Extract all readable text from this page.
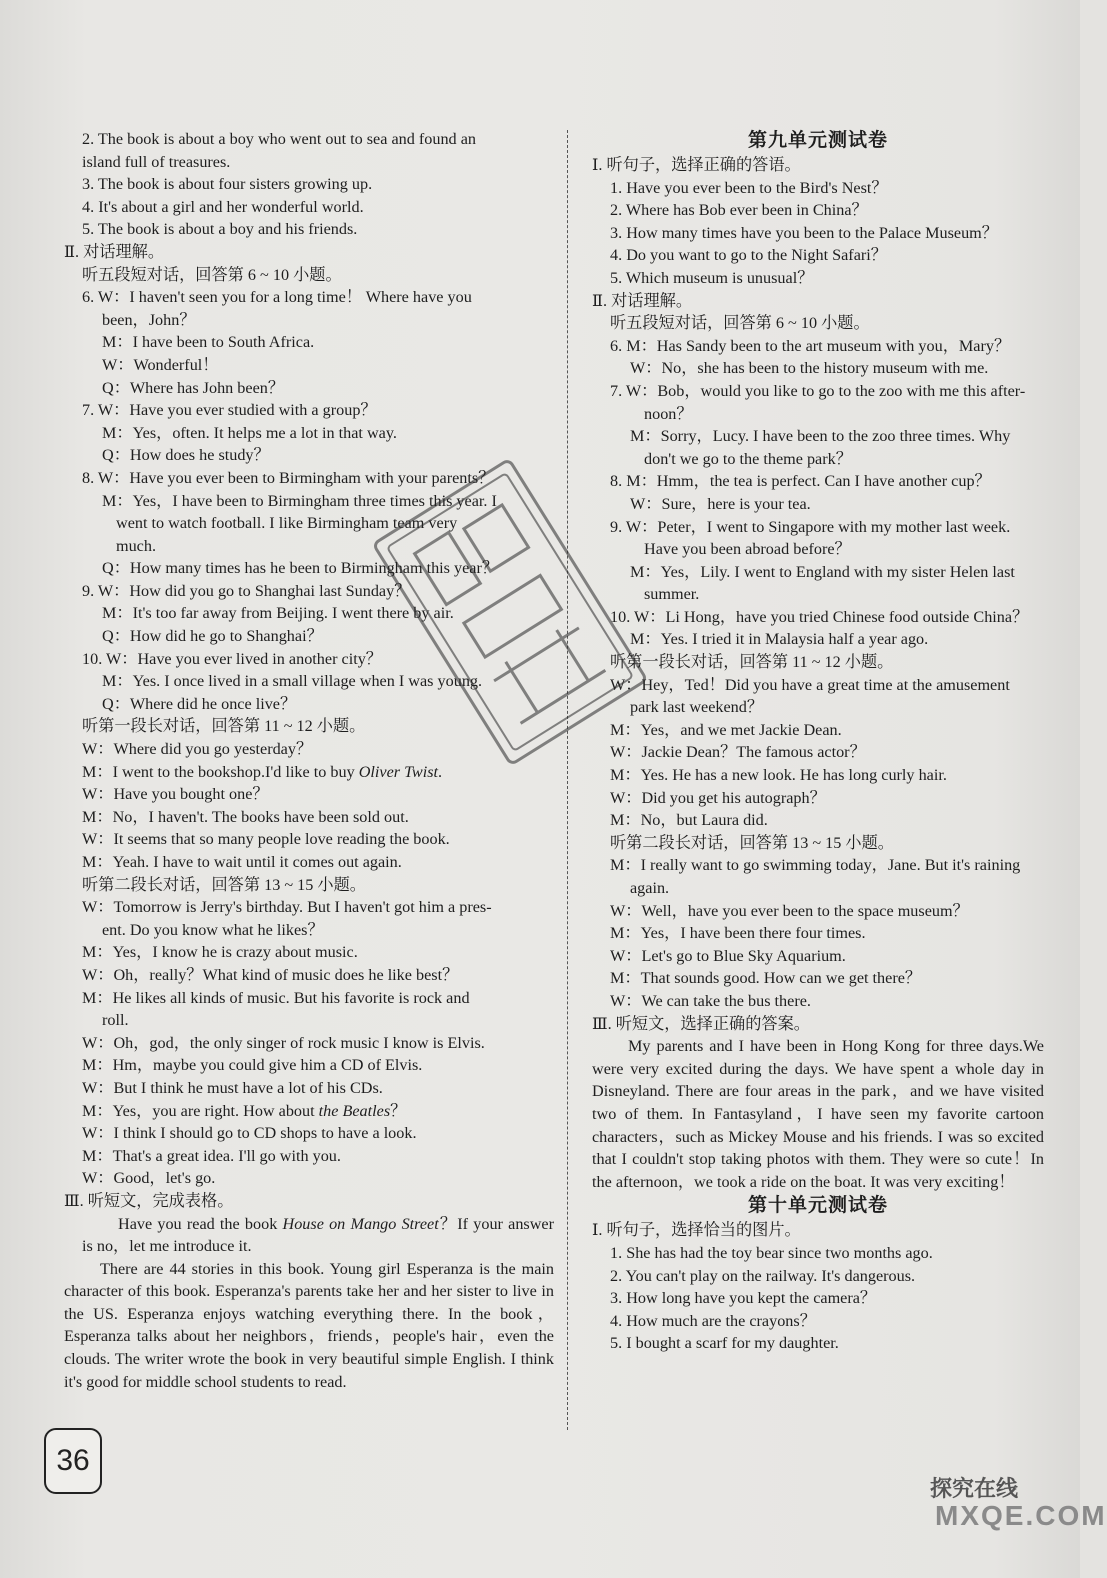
2. The book is about a boy who went out to sea and found an
island full of treasures.
3. The book is about four sisters growing up.
4. It's about a girl and her wonderful world.
5. The book is about a boy and his friends.
Ⅱ. 对话理解。
听五段短对话，回答第 6 ~ 10 小题。
6. W：I haven't seen you for a long time！ Where have you
been，John？
M：I have been to South Africa.
W：Wonderful！
Q：Where has John been？
7. W：Have you ever studied with a group？
M：Yes，often. It helps me a lot in that way.
Q：How does he study？
8. W：Have you ever been to Birmingham with your parents？
M：Yes，I have been to Birmingham three times this year. I
went to watch football. I like Birmingham team very
much.
Q：How many times has he been to Birmingham this year？
9. W：How did you go to Shanghai last Sunday？
M：It's too far away from Beijing. I went there by air.
Q：How did he go to Shanghai？
10. W：Have you ever lived in another city？
M：Yes. I once lived in a small village when I was young.
Q：Where did he once live？
听第一段长对话，回答第 11 ~ 12 小题。
W：Where did you go yesterday？
M：I went to the bookshop.I'd like to buy Oliver Twist.
W：Have you bought one？
M：No，I haven't. The books have been sold out.
W：It seems that so many people love reading the book.
M：Yeah. I have to wait until it comes out again.
听第二段长对话，回答第 13 ~ 15 小题。
W：Tomorrow is Jerry's birthday. But I haven't got him a pres-
ent. Do you know what he likes？
M：Yes，I know he is crazy about music.
W：Oh，really？What kind of music does he like best？
M：He likes all kinds of music. But his favorite is rock and
roll.
W：Oh，god，the only singer of rock music I know is Elvis.
M：Hm，maybe you could give him a CD of Elvis.
W：But I think he must have a lot of his CDs.
M：Yes，you are right. How about the Beatles？
W：I think I should go to CD shops to have a look.
M：That's a great idea. I'll go with you.
W：Good，let's go.
Ⅲ. 听短文，完成表格。
Have you read the book House on Mango Street？If your answer is no，let me introduce it.
There are 44 stories in this book. Young girl Esperanza is the main character of this book. Esperanza's parents take her and her sister to live in the US. Esperanza enjoys watching everything there. In the book，Esperanza talks about her neighbors，friends，people's hair，even the clouds. The writer wrote the book in very beautiful simple English. I think it's good for middle school students to read.
第九单元测试卷
Ⅰ. 听句子，选择正确的答语。
1. Have you ever been to the Bird's Nest？
2. Where has Bob ever been in China？
3. How many times have you been to the Palace Museum？
4. Do you want to go to the Night Safari？
5. Which museum is unusual？
Ⅱ. 对话理解。
听五段短对话，回答第 6 ~ 10 小题。
6. M：Has Sandy been to the art museum with you，Mary？
W：No，she has been to the history museum with me.
7. W：Bob，would you like to go to the zoo with me this after-
noon？
M：Sorry，Lucy. I have been to the zoo three times. Why
don't we go to the theme park？
8. M：Hmm，the tea is perfect. Can I have another cup？
W：Sure，here is your tea.
9. W：Peter，I went to Singapore with my mother last week.
Have you been abroad before？
M：Yes，Lily. I went to England with my sister Helen last
summer.
10. W：Li Hong，have you tried Chinese food outside China？
M：Yes. I tried it in Malaysia half a year ago.
听第一段长对话，回答第 11 ~ 12 小题。
W：Hey，Ted！Did you have a great time at the amusement
park last weekend？
M：Yes，and we met Jackie Dean.
W：Jackie Dean？The famous actor？
M：Yes. He has a new look. He has long curly hair.
W：Did you get his autograph？
M：No，but Laura did.
听第二段长对话，回答第 13 ~ 15 小题。
M：I really want to go swimming today，Jane. But it's raining
again.
W：Well，have you ever been to the space museum？
M：Yes，I have been there four times.
W：Let's go to Blue Sky Aquarium.
M：That sounds good. How can we get there？
W：We can take the bus there.
Ⅲ. 听短文，选择正确的答案。
My parents and I have been in Hong Kong for three days.We were very excited during the days. We have spent a whole day in Disneyland. There are four areas in the park，and we have visited two of them. In Fantasyland，I have seen my favorite cartoon characters，such as Mickey Mouse and his friends. I was so excited that I couldn't stop taking photos with them. They were so cute！In the afternoon，we took a ride on the boat. It was very exciting！
第十单元测试卷
Ⅰ. 听句子，选择恰当的图片。
1. She has had the toy bear since two months ago.
2. You can't play on the railway. It's dangerous.
3. How long have you kept the camera？
4. How much are the crayons？
5. I bought a scarf for my daughter.
36
探究在线
MXQE.COM
